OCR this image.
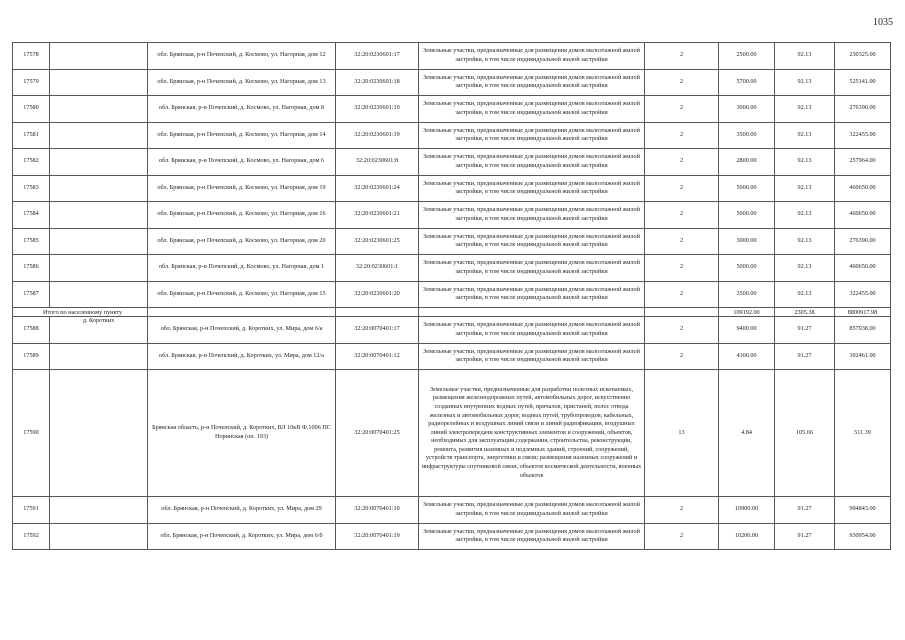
1035
17578		обл. Брянская, р-н Почепский, д. Космово, ул. Нагорная, дом 12	32:20:0230601:17	Земельные участки, предназначенные для размещения домов малоэтажной жилой застройки, в том числе индивидуальной жилой застройки	2	2500.00	92.13	230325.00
17579		обл. Брянская, р-н Почепский, д. Космово, ул. Нагорная, дом 13	32:20:0230601:18	Земельные участки, предназначенные для размещения домов малоэтажной жилой застройки, в том числе индивидуальной жилой застройки	2	5700.00	92.13	525141.00
17580		обл. Брянская, р-н Почепский, д. Космово, ул. Нагорная, дом 8	32:20:0230601:10	Земельные участки, предназначенные для размещения домов малоэтажной жилой застройки, в том числе индивидуальной жилой застройки	2	3000.00	92.13	276390.00
17581		обл. Брянская, р-н Почепский, д. Космово, ул. Нагорная, дом 14	32:20:0230601:19	Земельные участки, предназначенные для размещения домов малоэтажной жилой застройки, в том числе индивидуальной жилой застройки	2	3500.00	92.13	322455.00
17582		обл. Брянская, р-н Почепский, д. Космово, ул. Нагорная, дом 6	32:20:0230601:8	Земельные участки, предназначенные для размещения домов малоэтажной жилой застройки, в том числе индивидуальной жилой застройки	2	2800.00	92.13	257964.00
17583		обл. Брянская, р-н Почепский, д. Космово, ул. Нагорная, дом 19	32:20:0230601:24	Земельные участки, предназначенные для размещения домов малоэтажной жилой застройки, в том числе индивидуальной жилой застройки	2	5000.00	92.13	460650.00
17584		обл. Брянская, р-н Почепский, д. Космово, ул. Нагорная, дом 16	32:20:0230601:21	Земельные участки, предназначенные для размещения домов малоэтажной жилой застройки, в том числе индивидуальной жилой застройки	2	5000.00	92.13	460650.00
17585		обл. Брянская, р-н Почепский, д. Космово, ул. Нагорная, дом 20	32:20:0230601:25	Земельные участки, предназначенные для размещения домов малоэтажной жилой застройки, в том числе индивидуальной жилой застройки	2	3000.00	92.13	276390.00
17586		обл. Брянская, р-н Почепский, д. Космово, ул. Нагорная, дом 1	32:20:0230601:1	Земельные участки, предназначенные для размещения домов малоэтажной жилой застройки, в том числе индивидуальной жилой застройки	2	5000.00	92.13	460650.00
17587		обл. Брянская, р-н Почепский, д. Космово, ул. Нагорная, дом 15	32:20:0230601:20	Земельные участки, предназначенные для размещения домов малоэтажной жилой застройки, в том числе индивидуальной жилой застройки	2	3500.00	92.13	322455.00
Итого по населенному пункту						109192.00	2305.38	8800917.98
17588	д. Коротких	обл. Брянская, р-н Почепский, д. Коротких, ул. Мира, дом 6/а	32:20:0070401:17	Земельные участки, предназначенные для размещения домов малоэтажной жилой застройки, в том числе индивидуальной жилой застройки	2	9400.00	91.27	857938.00
17589		обл. Брянская, р-н Почепский, д. Коротких, ул. Мира, дом 12/а	32:20:0070401:12	Земельные участки, предназначенные для размещения домов малоэтажной жилой застройки, в том числе индивидуальной жилой застройки	2	4300.00	91.27	392461.00
17590		Брянская область, р-н Почепский, д. Коротких, ВЛ 10кВ Ф.1006 ПС Норинская (оп. 193)	32:20:0070401:25	Земельные участки, предназначенные для разработки полезных ископаемых, размещения железнодорожных путей, автомобильных дорог, искусственно созданных внутренних водных путей, причалов, пристаней, полос отвода железных и автомобильных дорог, водных путей, трубопроводов, кабельных, радиорелейных и воздушных линий связи и линий радиофикации, воздушных линий электропередачи конструктивных элементов и сооружений, объектов, необходимых для эксплуатации,содержания, строительства, реконструкции, ремонта, развития наземных и подземных зданий, строений, сооружений, устройств транспорта, энергетики и связи; размещения наземных сооружений и инфраструктуры спутниковой связи, объектов космической деятельности, военных объектов	13	4.84	105.66	511.39
17591		обл. Брянская, р-н Почепский, д. Коротких, ул. Мира, дом 29	32:20:0070401:10	Земельные участки, предназначенные для размещения домов малоэтажной жилой застройки, в том числе индивидуальной жилой застройки	2	10900.00	91.27	994843.00
17592		обл. Брянская, р-н Почепский, д. Коротких, ул. Мира, дом 6/б	32:20:0070401:19	Земельные участки, предназначенные для размещения домов малоэтажной жилой застройки, в том числе индивидуальной жилой застройки	2	10200.00	91.27	930954.00
